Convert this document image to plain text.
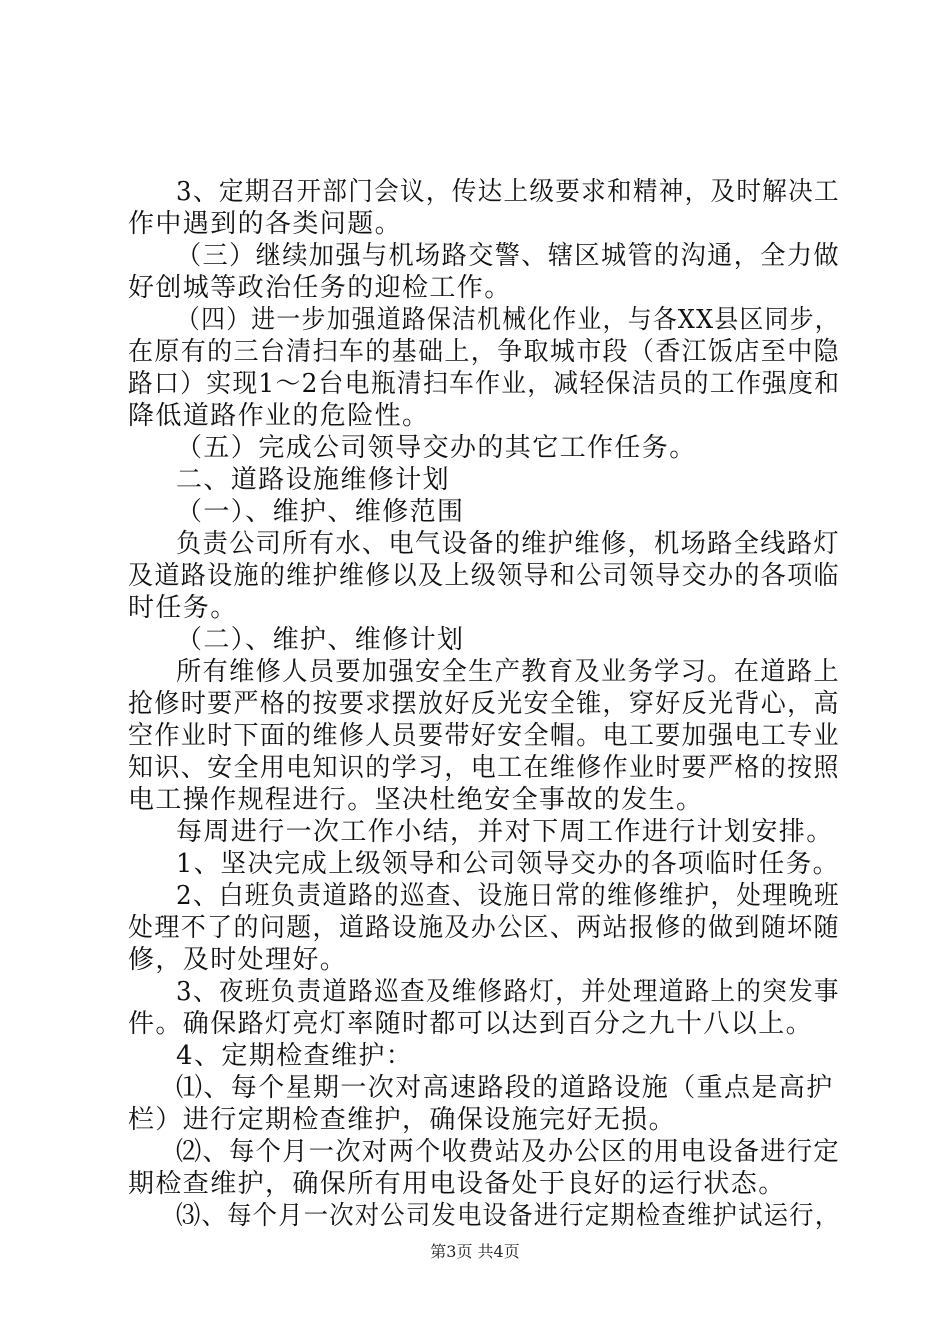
3、定期召开部门会议，传达上级要求和精神，及时解决工
作中遇到的各类问题。
（三）继续加强与机场路交警、辖区城管的沟通，全力做
好创城等政治任务的迎检工作。
（四）进一步加强道路保洁机械化作业，与各XX县区同步，
在原有的三台清扫车的基础上，争取城市段（香江饭店至中隐
路口）实现1～2台电瓶清扫车作业，减轻保洁员的工作强度和
降低道路作业的危险性。
（五）完成公司领导交办的其它工作任务。
二、道路设施维修计划
（一）、维护、维修范围
负责公司所有水、电气设备的维护维修，机场路全线路灯
及道路设施的维护维修以及上级领导和公司领导交办的各项临
时任务。
（二）、维护、维修计划
所有维修人员要加强安全生产教育及业务学习。在道路上
抢修时要严格的按要求摆放好反光安全锥，穿好反光背心，高
空作业时下面的维修人员要带好安全帽。电工要加强电工专业
知识、安全用电知识的学习，电工在维修作业时要严格的按照
电工操作规程进行。坚决杜绝安全事故的发生。
每周进行一次工作小结，并对下周工作进行计划安排。
1、坚决完成上级领导和公司领导交办的各项临时任务。
2、白班负责道路的巡查、设施日常的维修维护，处理晚班
处理不了的问题，道路设施及办公区、两站报修的做到随坏随
修，及时处理好。
3、夜班负责道路巡查及维修路灯，并处理道路上的突发事
件。确保路灯亮灯率随时都可以达到百分之九十八以上。
4、定期检查维护：
⑴、每个星期一次对高速路段的道路设施（重点是高护
栏）进行定期检查维护，确保设施完好无损。
⑵、每个月一次对两个收费站及办公区的用电设备进行定
期检查维护，确保所有用电设备处于良好的运行状态。
⑶、每个月一次对公司发电设备进行定期检查维护试运行，
第3页 共4页
